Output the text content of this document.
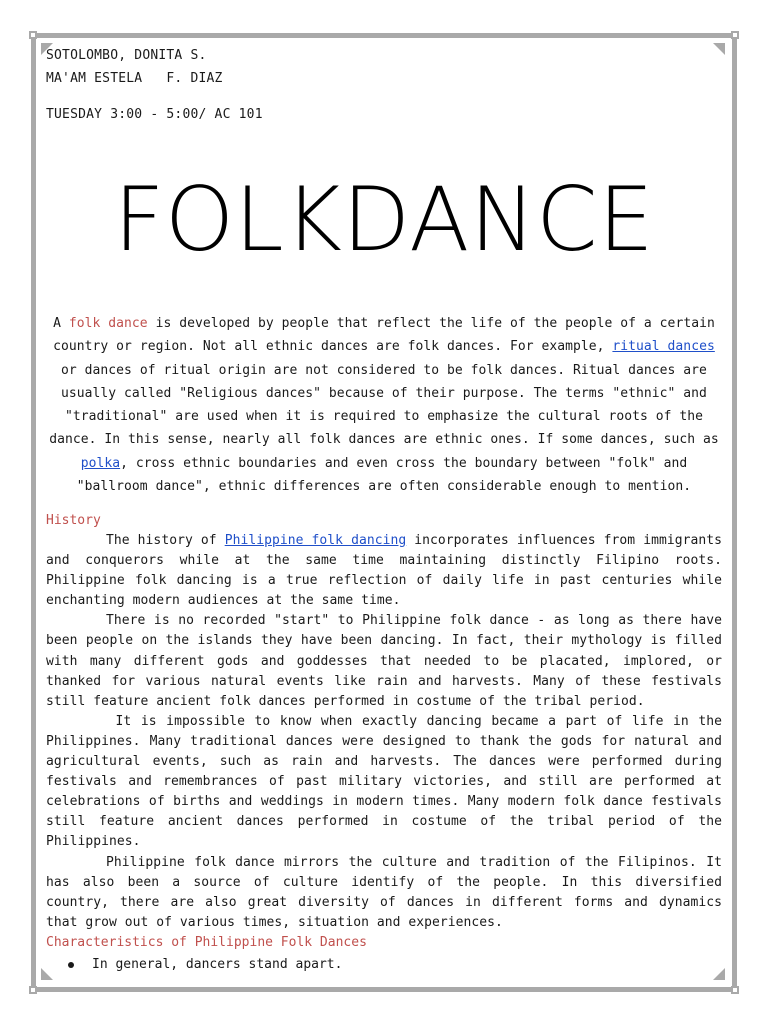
SOTOLOMBO, DONITA S.
MA'AM ESTELA   F. DIAZ
TUESDAY 3:00 - 5:00/ AC 101
FOLKDANCE
A folk dance is developed by people that reflect the life of the people of a certain country or region. Not all ethnic dances are folk dances. For example, ritual dances or dances of ritual origin are not considered to be folk dances. Ritual dances are usually called "Religious dances" because of their purpose. The terms "ethnic" and "traditional" are used when it is required to emphasize the cultural roots of the dance. In this sense, nearly all folk dances are ethnic ones. If some dances, such as polka, cross ethnic boundaries and even cross the boundary between "folk" and "ballroom dance", ethnic differences are often considerable enough to mention.
History

The history of Philippine folk dancing incorporates influences from immigrants and conquerors while at the same time maintaining distinctly Filipino roots. Philippine folk dancing is a true reflection of daily life in past centuries while enchanting modern audiences at the same time.

There is no recorded "start" to Philippine folk dance - as long as there have been people on the islands they have been dancing. In fact, their mythology is filled with many different gods and goddesses that needed to be placated, implored, or thanked for various natural events like rain and harvests. Many of these festivals still feature ancient folk dances performed in costume of the tribal period.

It is impossible to know when exactly dancing became a part of life in the Philippines. Many traditional dances were designed to thank the gods for natural and agricultural events, such as rain and harvests. The dances were performed during festivals and remembrances of past military victories, and still are performed at celebrations of births and weddings in modern times. Many modern folk dance festivals still feature ancient dances performed in costume of the tribal period of the Philippines.

Philippine folk dance mirrors the culture and tradition of the Filipinos. It has also been a source of culture identify of the people. In this diversified country, there are also great diversity of dances in different forms and dynamics that grow out of various times, situation and experiences.

Characteristics of Philippine Folk Dances
In general, dancers stand apart.
